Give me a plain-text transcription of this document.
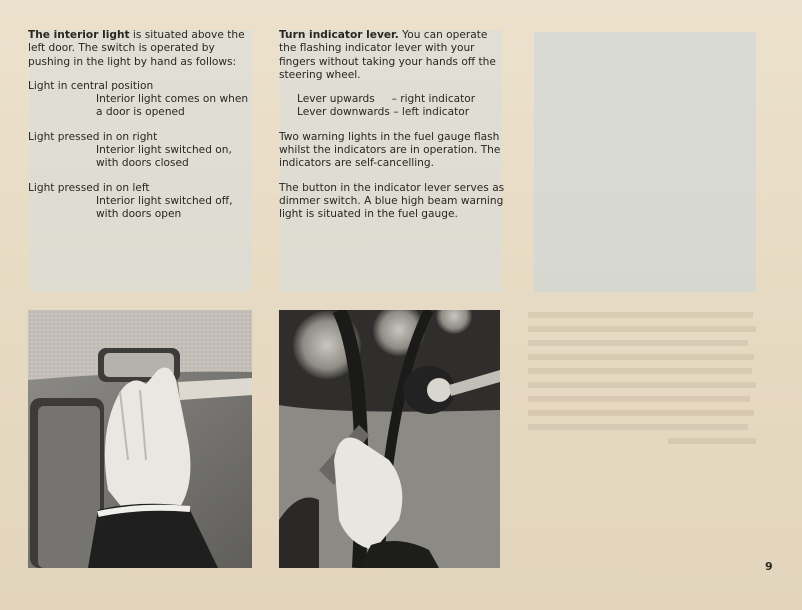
The interior light is situated above the left door. The switch is operated by pushing in the light by hand as follows:

Light in central position

Interior light comes on when
a door is opened

Light pressed in on right

Interior light switched on,
with doors closed

Light pressed in on left

Interior light switched off,
with doors open

Turn indicator lever. You can operate the flashing indicator lever with your fingers without taking your hands off the steering wheel.

Lever upwards     – right indicator
Lever downwards – left indicator

Two warning lights in the fuel gauge flash whilst the indicators are in operation. The indicators are self-cancelling.

The button in the indicator lever serves as dimmer switch. A blue high beam warning light is situated in the fuel gauge.

9
